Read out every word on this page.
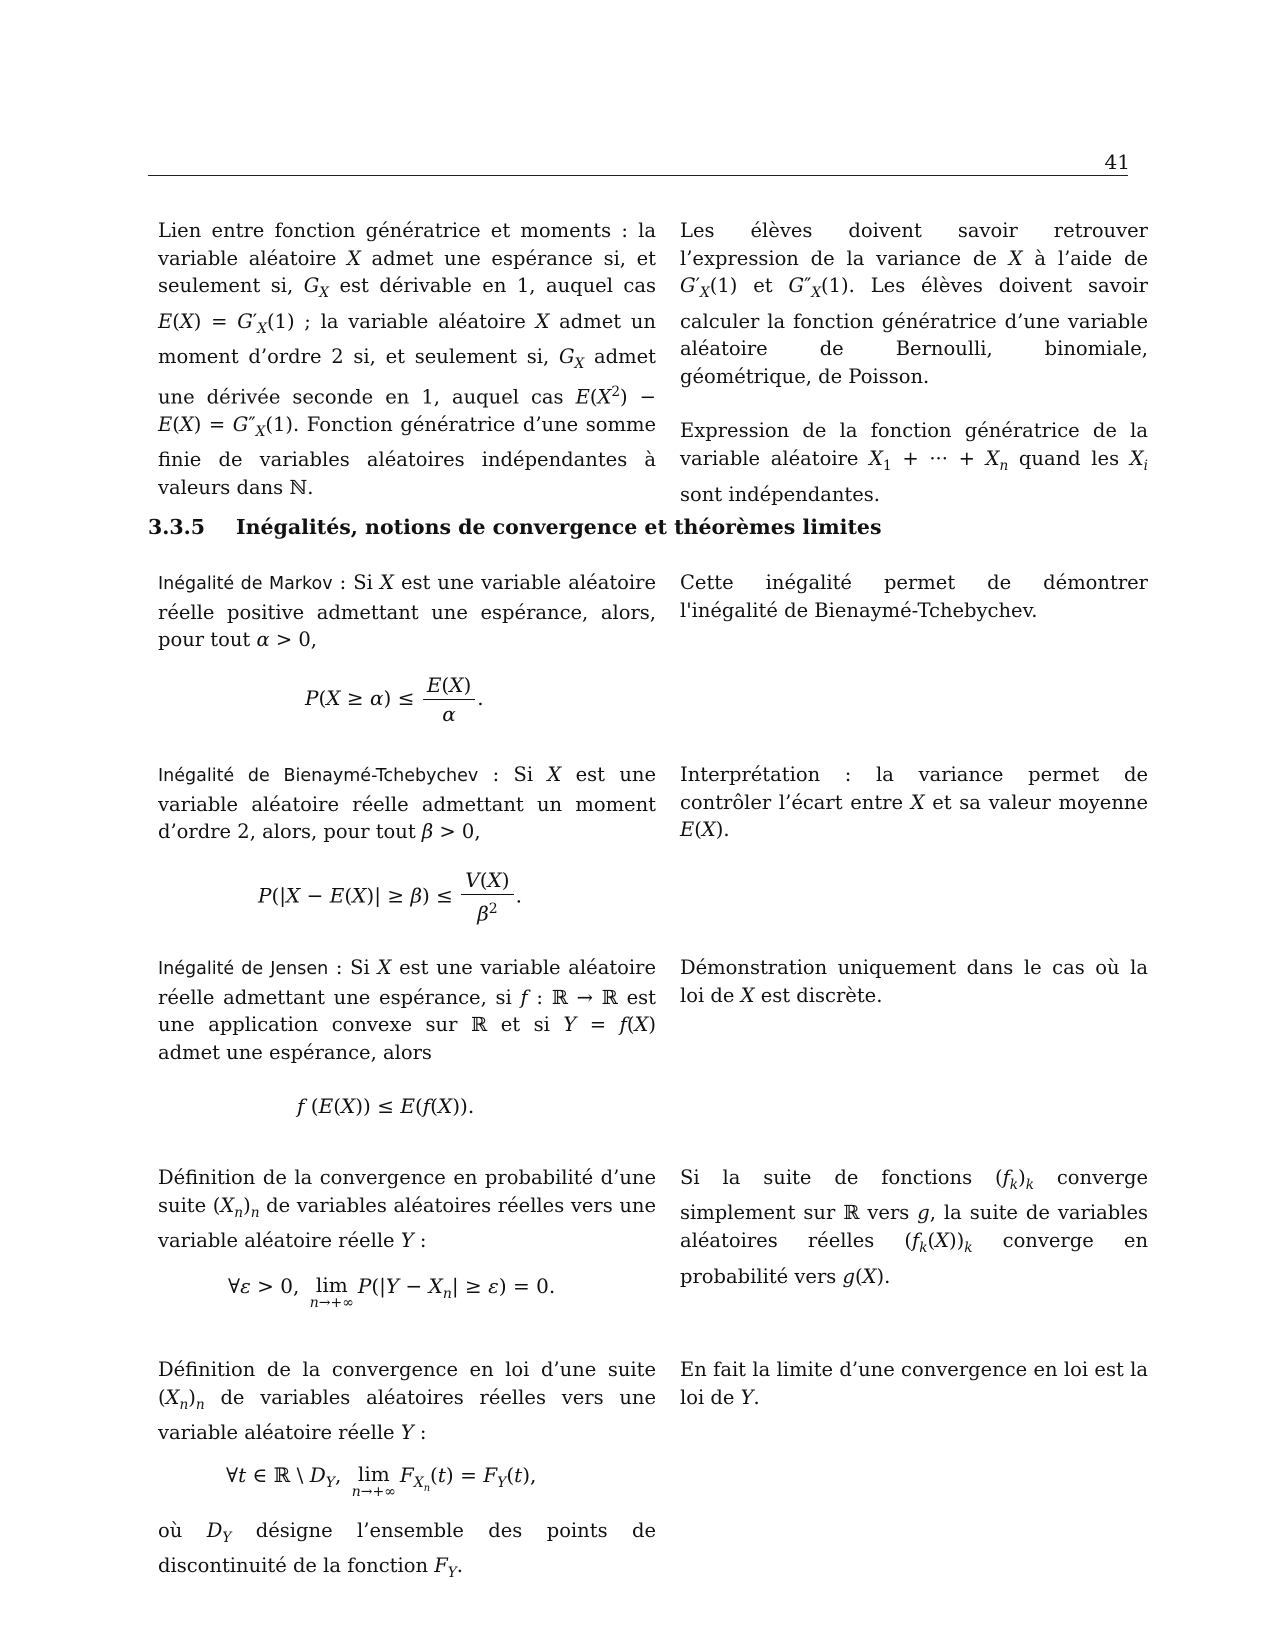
41

Lien entre fonction génératrice et moments : la variable aléatoire X admet une espérance si, et seulement si, $G_X$ est dérivable en 1, auquel cas $E(X) = G'_X(1)$ ; la variable aléatoire X admet un moment d’ordre 2 si, et seulement si, $G_X$ admet une dérivée seconde en 1, auquel cas $E(X^2) - E(X) = G''_X(1)$. Fonction génératrice d’une somme finie de variables aléatoires indépendantes à valeurs dans ℕ.

Les élèves doivent savoir retrouver l’expression de la variance de X à l’aide de $G'_X(1)$ et $G''_X(1)$. Les élèves doivent savoir calculer la fonction génératrice d’une variable aléatoire de Bernoulli, binomiale, géométrique, de Poisson.

Expression de la fonction génératrice de la variable aléatoire $X_1$ + ··· + $X_n$ quand les $X_i$ sont indépendantes.

3.3.5 Inégalités, notions de convergence et théorèmes limites

Inégalité de Markov : Si X est une variable aléatoire réelle positive admettant une espérance, alors, pour tout α > 0,

$P(X \ge \alpha) \le \frac{E(X)}{\alpha}$ .

Cette inégalité permet de démontrer l'inégalité de Bienaymé-Tchebychev.

Inégalité de Bienaymé-Tchebychev : Si X est une variable aléatoire réelle admettant un moment d’ordre 2, alors, pour tout β > 0,

$P(|X - E(X)| \ge \beta) \le \frac{V(X)}{\beta^2}$ .

Interprétation : la variance permet de contrôler l’écart entre X et sa valeur moyenne E(X).

Inégalité de Jensen : Si X est une variable aléatoire réelle admettant une espérance, si f : ℝ → ℝ est une application convexe sur ℝ et si Y = f(X) admet une espérance, alors

f (E(X)) ≤ E(f(X)).

Démonstration uniquement dans le cas où la loi de X est discrète.

Définition de la convergence en probabilité d’une suite $(X_n)_n$ de variables aléatoires réelles vers une variable aléatoire réelle Y :

∀ε > 0, lim
n→+∞
$P(|Y - X_n| \ge \varepsilon) = 0$.

Si la suite de fonctions $(f_k)_k$ converge simplement sur ℝ vers g, la suite de variables aléatoires réelles $(f_k(X))_k$ converge en probabilité vers g(X).

Définition de la convergence en loi d’une suite $(X_n)_n$ de variables aléatoires réelles vers une variable aléatoire réelle Y :

∀t ∈ ℝ \ $D_Y$, lim
n→+∞
$F_{X_n}(t) = F_Y(t)$,

où $D_Y$ désigne l’ensemble des points de discontinuité de la fonction $F_Y$.

En fait la limite d’une convergence en loi est la loi de Y.
